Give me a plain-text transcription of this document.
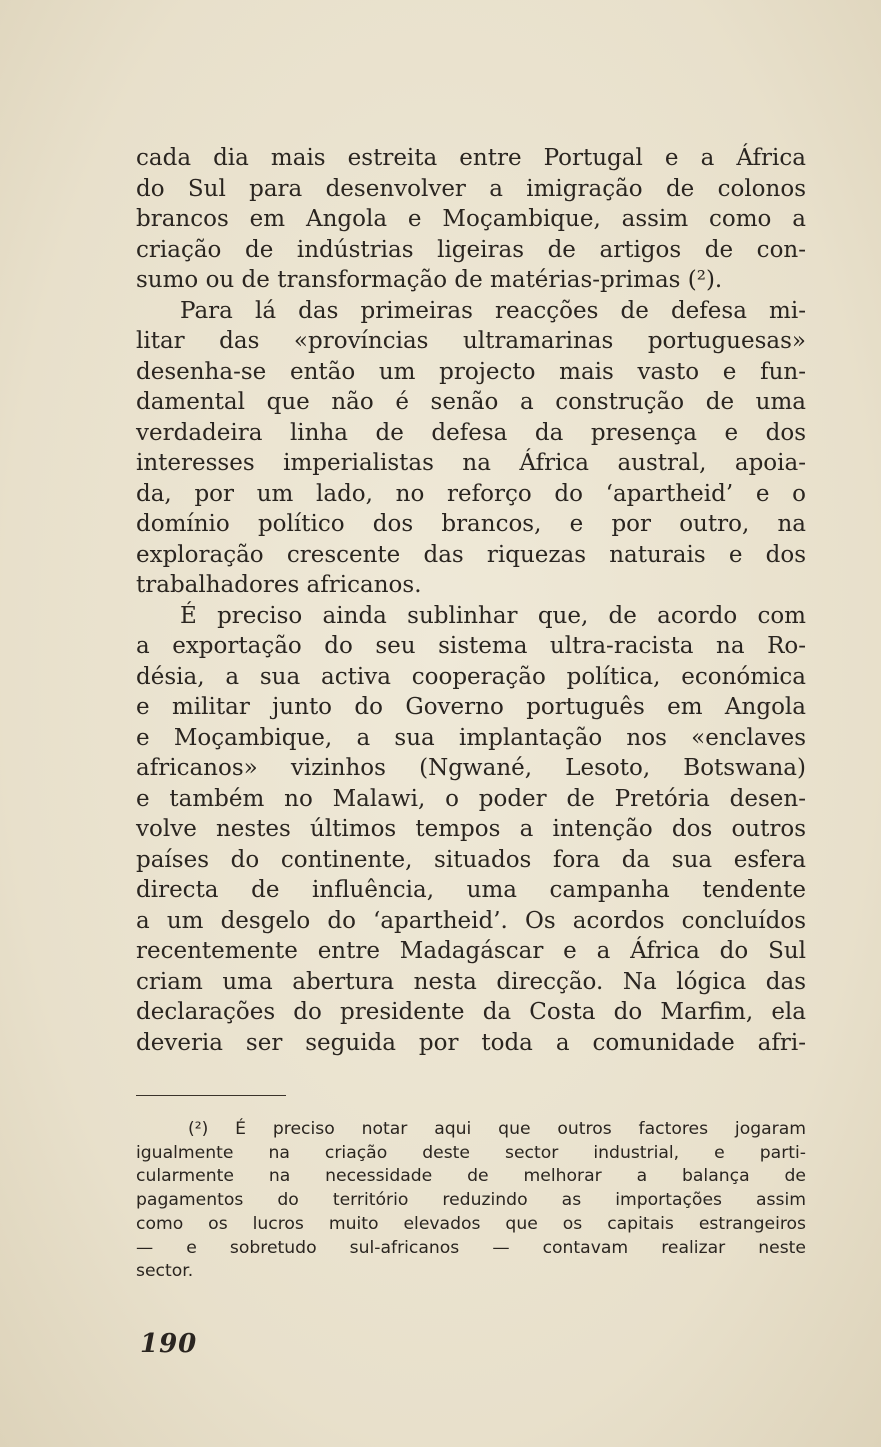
cada dia mais estreita entre Portugal e a África
do Sul para desenvolver a imigração de colonos
brancos em Angola e Moçambique, assim como a
criação de indústrias ligeiras de artigos de con-
sumo ou de transformação de matérias-primas (²).
Para lá das primeiras reacções de defesa mi-
litar das «províncias ultramarinas portuguesas»
desenha-se então um projecto mais vasto e fun-
damental que não é senão a construção de uma
verdadeira linha de defesa da presença e dos
interesses imperialistas na África austral, apoia-
da, por um lado, no reforço do ‘apartheid’ e o
domínio político dos brancos, e por outro, na
exploração crescente das riquezas naturais e dos
trabalhadores africanos.
É preciso ainda sublinhar que, de acordo com
a exportação do seu sistema ultra-racista na Ro-
désia, a sua activa cooperação política, económica
e militar junto do Governo português em Angola
e Moçambique, a sua implantação nos «enclaves
africanos» vizinhos (Ngwané, Lesoto, Botswana)
e também no Malawi, o poder de Pretória desen-
volve nestes últimos tempos a intenção dos outros
países do continente, situados fora da sua esfera
directa de influência, uma campanha tendente
a um desgelo do ‘apartheid’. Os acordos concluídos
recentemente entre Madagáscar e a África do Sul
criam uma abertura nesta direcção. Na lógica das
declarações do presidente da Costa do Marfim, ela
deveria ser seguida por toda a comunidade afri-
(²) É preciso notar aqui que outros factores jogaram
igualmente na criação deste sector industrial, e parti-
cularmente na necessidade de melhorar a balança de
pagamentos do território reduzindo as importações assim
como os lucros muito elevados que os capitais estrangeiros
— e sobretudo sul-africanos — contavam realizar neste
sector.
190
